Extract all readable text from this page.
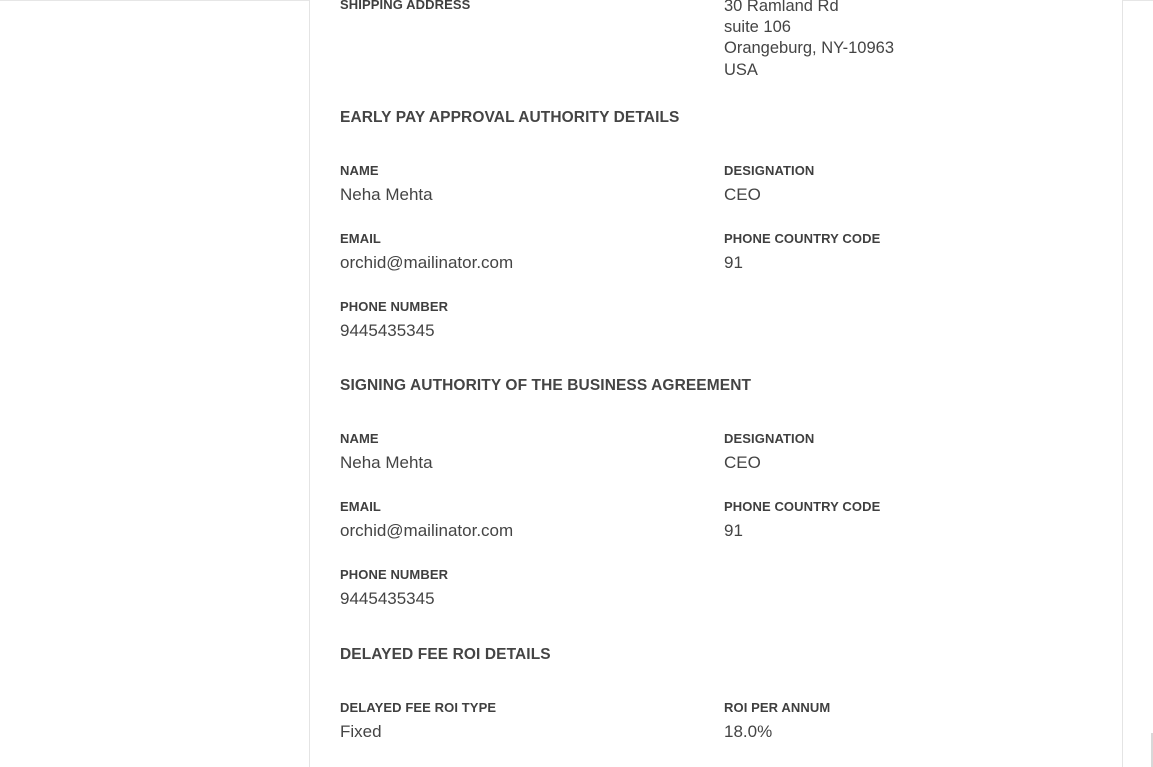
SHIPPING ADDRESS	30 Ramland Rd
suite 106
Orangeburg, NY-10963
USA
EARLY PAY APPROVAL AUTHORITY DETAILS
NAME
Neha Mehta
DESIGNATION
CEO
EMAIL
orchid@mailinator.com
PHONE COUNTRY CODE
91
PHONE NUMBER
9445435345
SIGNING AUTHORITY OF THE BUSINESS AGREEMENT
NAME
Neha Mehta
DESIGNATION
CEO
EMAIL
orchid@mailinator.com
PHONE COUNTRY CODE
91
PHONE NUMBER
9445435345
DELAYED FEE ROI DETAILS
DELAYED FEE ROI TYPE
Fixed
ROI PER ANNUM
18.0%
